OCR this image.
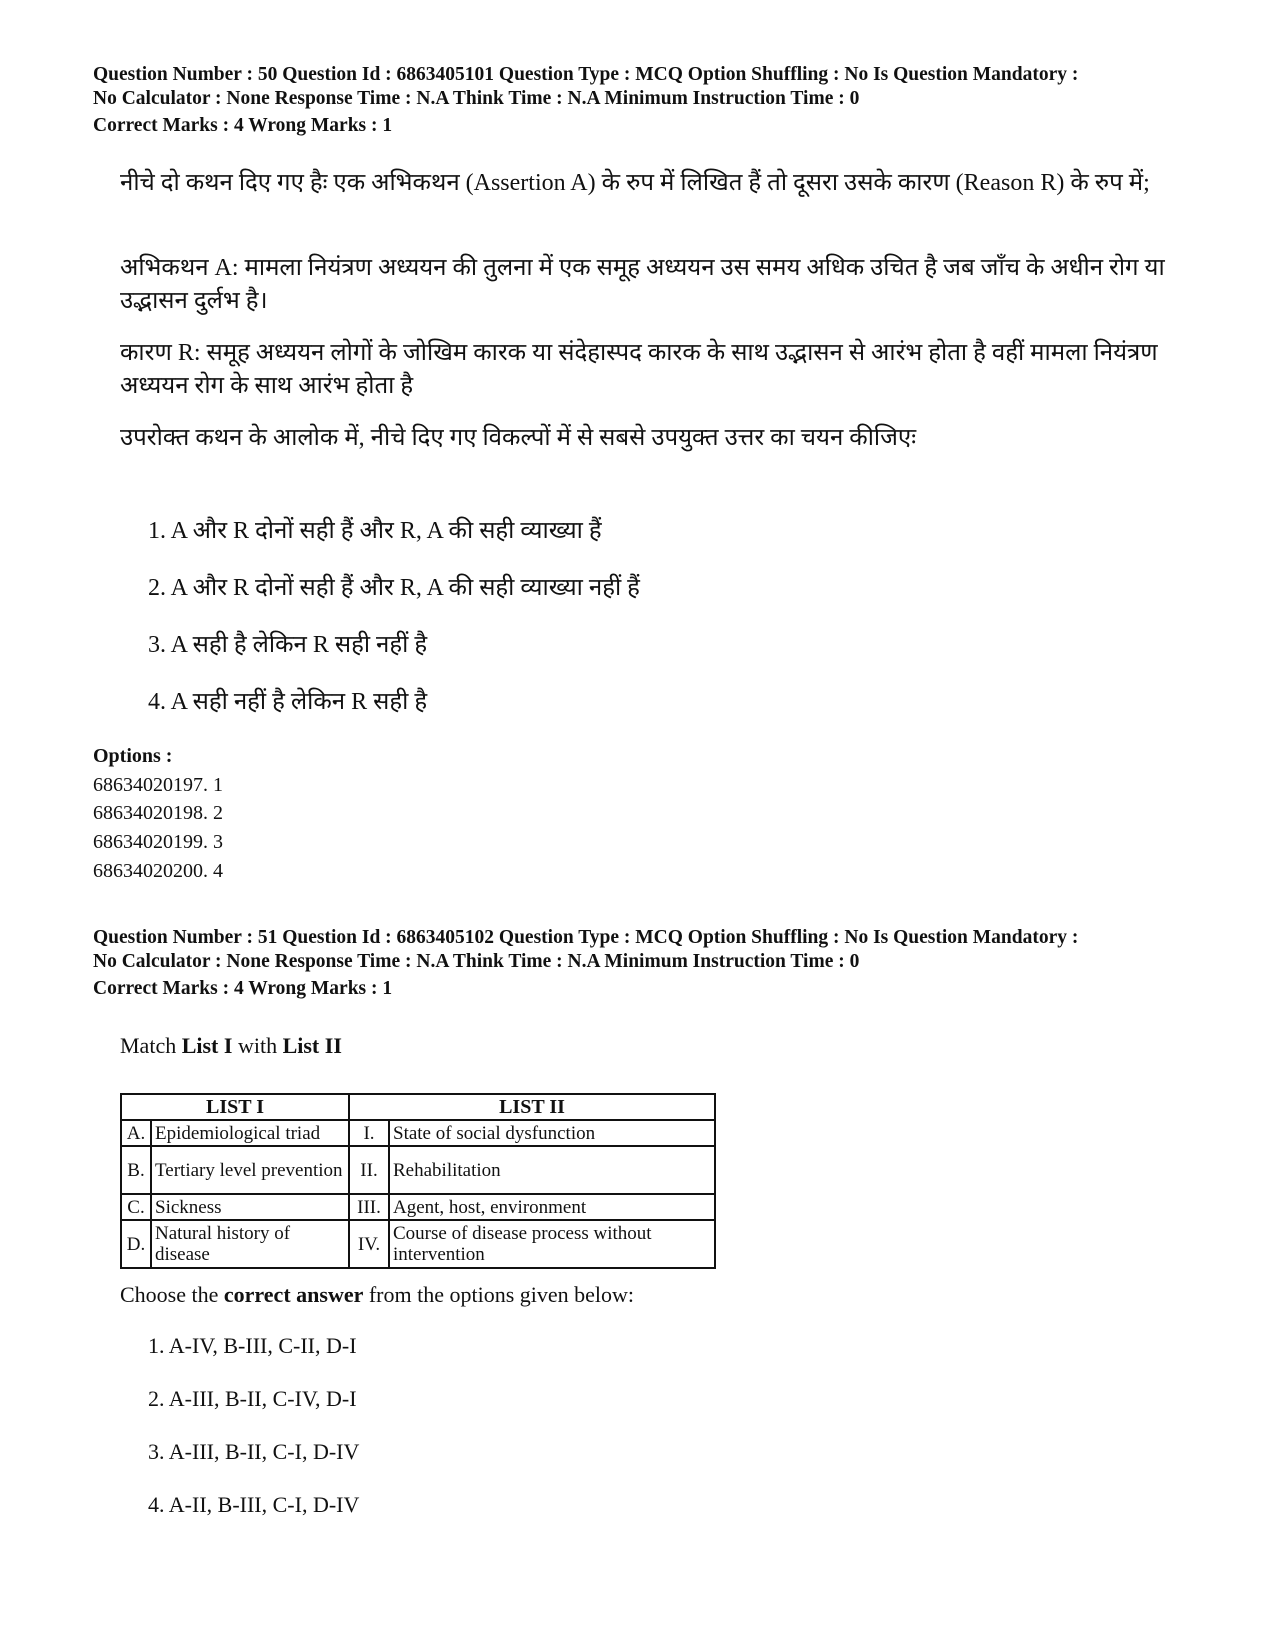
Question Number : 50 Question Id : 6863405101 Question Type : MCQ Option Shuffling : No Is Question Mandatory :
No Calculator : None Response Time : N.A Think Time : N.A Minimum Instruction Time : 0
Correct Marks : 4 Wrong Marks : 1

नीचे दो कथन दिए गए हैः एक अभिकथन (Assertion A) के रुप में लिखित हैं तो दूसरा उसके कारण (Reason R) के रुप में;

अभिकथन A: मामला नियंत्रण अध्ययन की तुलना में एक समूह अध्ययन उस समय अधिक उचित है जब जाँच के अधीन रोग या उद्भासन दुर्लभ है।

कारण R: समूह अध्ययन लोगों के जोखिम कारक या संदेहास्पद कारक के साथ उद्भासन से आरंभ होता है वहीं मामला नियंत्रण अध्ययन रोग के साथ आरंभ होता है

उपरोक्त कथन के आलोक में, नीचे दिए गए विकल्पों में से सबसे उपयुक्त उत्तर का चयन कीजिएः

1. A और R दोनों सही हैं और R, A की सही व्याख्या हैं
2. A और R दोनों सही हैं और R, A की सही व्याख्या नहीं हैं
3. A सही है लेकिन R सही नहीं है
4. A सही नहीं है लेकिन R सही है
Options :
68634020197. 1
68634020198. 2
68634020199. 3
68634020200. 4
Question Number : 51 Question Id : 6863405102 Question Type : MCQ Option Shuffling : No Is Question Mandatory :
No Calculator : None Response Time : N.A Think Time : N.A Minimum Instruction Time : 0
Correct Marks : 4 Wrong Marks : 1
Match List I with List II
LIST I		LIST II	
A.	Epidemiological triad	I.	State of social dysfunction
B.	Tertiary level prevention	II.	Rehabilitation
C.	Sickness	III.	Agent, host, environment
D.	Natural history of disease	IV.	Course of disease process without intervention
Choose the correct answer from the options given below:
1. A-IV, B-III, C-II, D-I
2. A-III, B-II, C-IV, D-I
3. A-III, B-II, C-I, D-IV
4. A-II, B-III, C-I, D-IV
